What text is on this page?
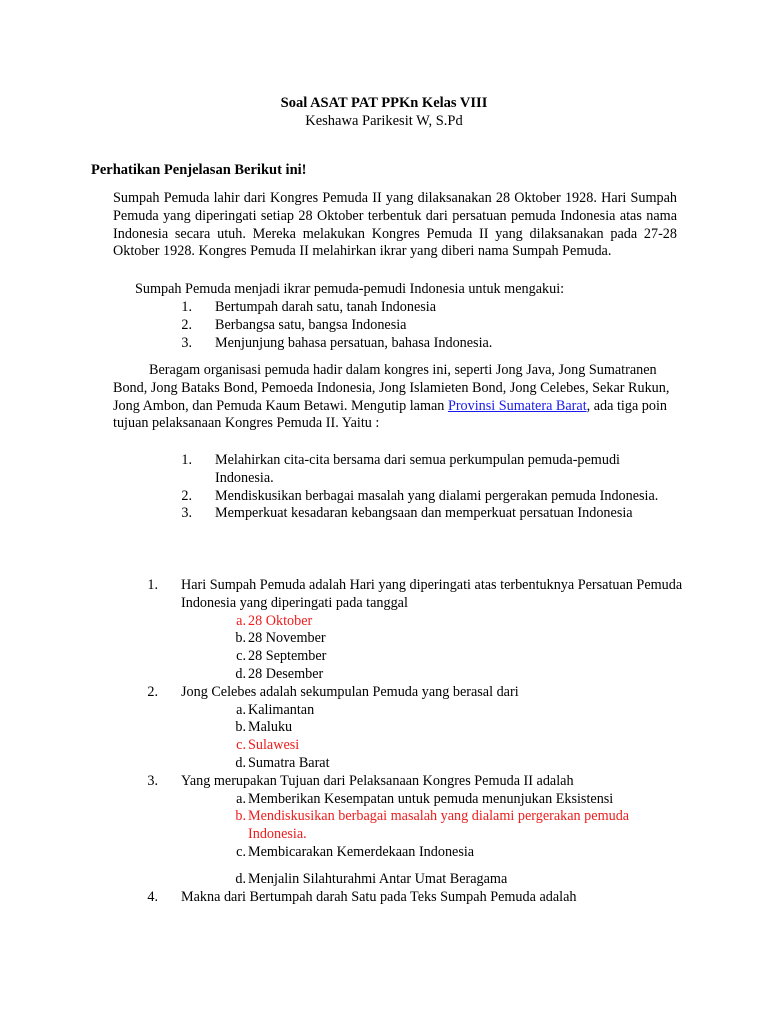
Soal ASAT PAT PPKn Kelas VIII
Keshawa Parikesit W, S.Pd
Perhatikan Penjelasan Berikut ini!
Sumpah Pemuda lahir dari Kongres Pemuda II yang dilaksanakan 28 Oktober 1928. Hari Sumpah Pemuda yang diperingati setiap 28 Oktober terbentuk dari persatuan pemuda Indonesia atas nama Indonesia secara utuh. Mereka melakukan Kongres Pemuda II yang dilaksanakan pada 27-28 Oktober 1928. Kongres Pemuda II melahirkan ikrar yang diberi nama Sumpah Pemuda.
Sumpah Pemuda menjadi ikrar pemuda-pemudi Indonesia untuk mengakui:
1.	Bertumpah darah satu, tanah Indonesia
2.	Berbangsa satu, bangsa Indonesia
3.	Menjunjung bahasa persatuan, bahasa Indonesia.
Beragam organisasi pemuda hadir dalam kongres ini, seperti Jong Java, Jong Sumatranen Bond, Jong Bataks Bond, Pemoeda Indonesia, Jong Islamieten Bond, Jong Celebes, Sekar Rukun, Jong Ambon, dan Pemuda Kaum Betawi. Mengutip laman Provinsi Sumatera Barat, ada tiga poin tujuan pelaksanaan Kongres Pemuda II. Yaitu :
1.	Melahirkan cita-cita bersama dari semua perkumpulan pemuda-pemudi Indonesia.
2.	Mendiskusikan berbagai masalah yang dialami pergerakan pemuda Indonesia.
3.	Memperkuat kesadaran kebangsaan dan memperkuat persatuan Indonesia
1.	Hari Sumpah Pemuda adalah Hari yang diperingati atas terbentuknya Persatuan Pemuda Indonesia yang diperingati pada tanggal
a. 28 Oktober
b. 28 November
c. 28 September
d. 28 Desember
2.	Jong Celebes adalah sekumpulan Pemuda yang berasal dari
a. Kalimantan
b. Maluku
c. Sulawesi
d. Sumatra Barat
3.	Yang merupakan Tujuan dari Pelaksanaan Kongres Pemuda II adalah
a. Memberikan Kesempatan untuk pemuda menunjukan Eksistensi
b. Mendiskusikan berbagai masalah yang dialami pergerakan pemuda Indonesia.
c. Membicarakan Kemerdekaan Indonesia
d. Menjalin Silahturahmi Antar Umat Beragama
4.	Makna dari Bertumpah darah Satu pada Teks Sumpah Pemuda adalah
